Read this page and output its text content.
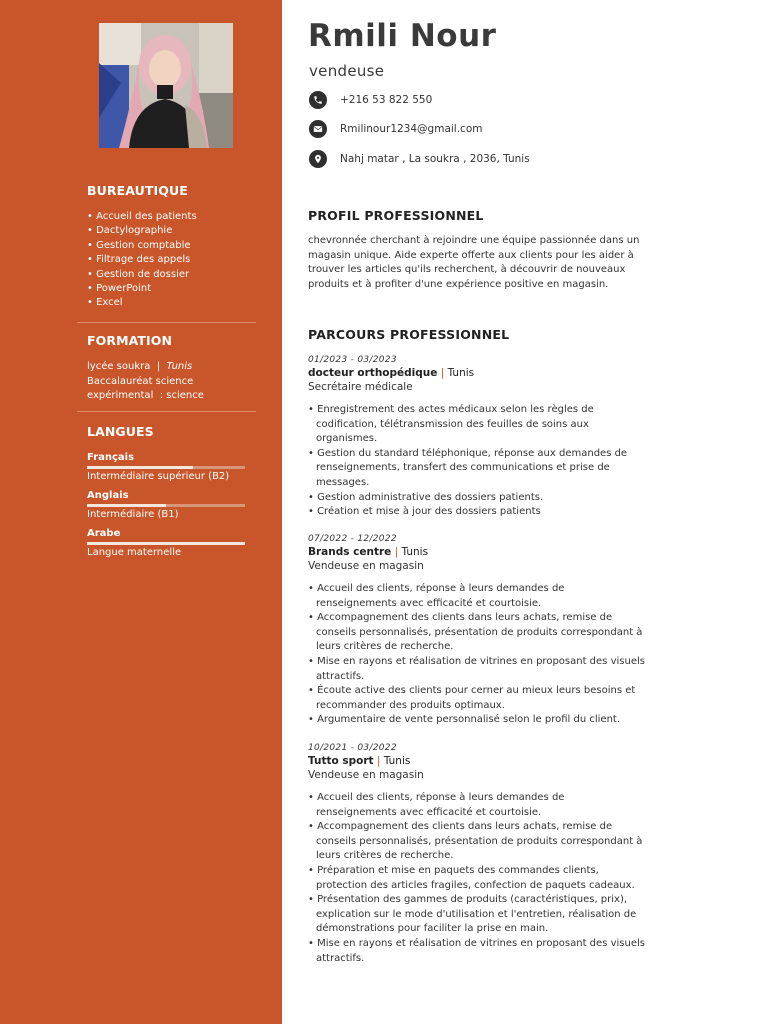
BUREAUTIQUE
• Accueil des patients
• Dactylographie
• Gestion comptable
• Filtrage des appels
• Gestion de dossier
• PowerPoint
• Excel
FORMATION
lycée soukra | Tunis
Baccalauréat science
expérimental  : science
LANGUES
Français
Intermédiaire supérieur (B2)
Anglais
Intermédiaire (B1)
Arabe
Langue maternelle
Rmili Nour
vendeuse
+216 53 822 550
Rmilinour1234@gmail.com
Nahj matar , La soukra , 2036, Tunis
PROFIL PROFESSIONNEL

chevronnée cherchant à rejoindre une équipe passionnée dans un magasin unique. Aide experte offerte aux clients pour les aider à trouver les articles qu'ils recherchent, à découvrir de nouveaux produits et à profiter d'une expérience positive en magasin.

PARCOURS PROFESSIONNEL
01/2023 - 03/2023
docteur orthopédique | Tunis
Secrétaire médicale
• Enregistrement des actes médicaux selon les règles de codification, télétransmission des feuilles de soins aux organismes.
• Gestion du standard téléphonique, réponse aux demandes de renseignements, transfert des communications et prise de messages.
• Gestion administrative des dossiers patients.
• Création et mise à jour des dossiers patients
07/2022 - 12/2022
Brands centre | Tunis
Vendeuse en magasin
• Accueil des clients, réponse à leurs demandes de renseignements avec efficacité et courtoisie.
• Accompagnement des clients dans leurs achats, remise de conseils personnalisés, présentation de produits correspondant à leurs critères de recherche.
• Mise en rayons et réalisation de vitrines en proposant des visuels attractifs.
• Écoute active des clients pour cerner au mieux leurs besoins et recommander des produits optimaux.
• Argumentaire de vente personnalisé selon le profil du client.
10/2021 - 03/2022
Tutto sport | Tunis
Vendeuse en magasin
• Accueil des clients, réponse à leurs demandes de renseignements avec efficacité et courtoisie.
• Accompagnement des clients dans leurs achats, remise de conseils personnalisés, présentation de produits correspondant à leurs critères de recherche.
• Préparation et mise en paquets des commandes clients, protection des articles fragiles, confection de paquets cadeaux.
• Présentation des gammes de produits (caractéristiques, prix), explication sur le mode d'utilisation et l'entretien, réalisation de démonstrations pour faciliter la prise en main.
• Mise en rayons et réalisation de vitrines en proposant des visuels attractifs.
